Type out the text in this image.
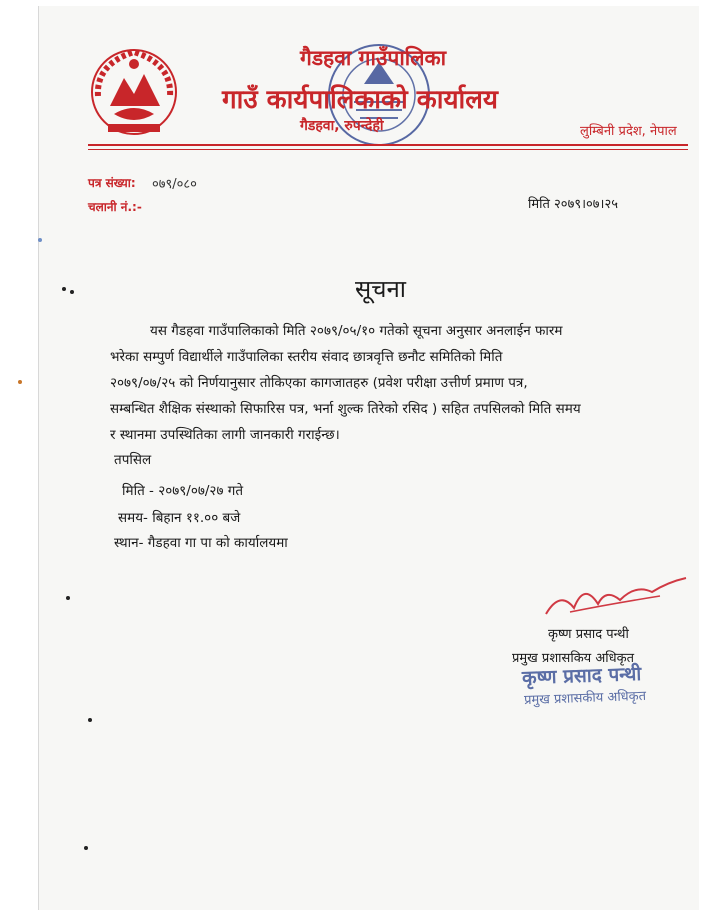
गैडहवा गाउँपालिका
गाउँ कार्यपालिकाको कार्यालय
गैडहवा, रुपन्देही	लुम्बिनी प्रदेश, नेपाल
पत्र संख्या: ०७९/०८०
चलानी नं.:-	मिति २०७९।०७।२५
सूचना
यस गैडहवा गाउँपालिकाको मिति २०७९/०५/१० गतेको सूचना अनुसार अनलाईन फारम
भरेका सम्पुर्ण विद्यार्थीले गाउँपालिका स्तरीय संवाद छात्रवृत्ति छनौट समितिको मिति
२०७९/०७/२५ को निर्णयानुसार तोकिएका कागजातहरु (प्रवेश परीक्षा उत्तीर्ण प्रमाण पत्र,
सम्बन्धित शैक्षिक संस्थाको सिफारिस पत्र, भर्ना शुल्क तिरेको रसिद ) सहित तपसिलको मिति समय
र स्थानमा उपस्थितिका लागी जानकारी गराईन्छ।
तपसिल
मिति - २०७९/०७/२७ गते
समय- बिहान ११.०० बजे
स्थान- गैडहवा गा पा को कार्यालयमा
कृष्ण प्रसाद पन्थी
प्रमुख प्रशासकिय अधिकृत
कृष्ण प्रसाद पन्थी
प्रमुख प्रशासकीय अधिकृत
